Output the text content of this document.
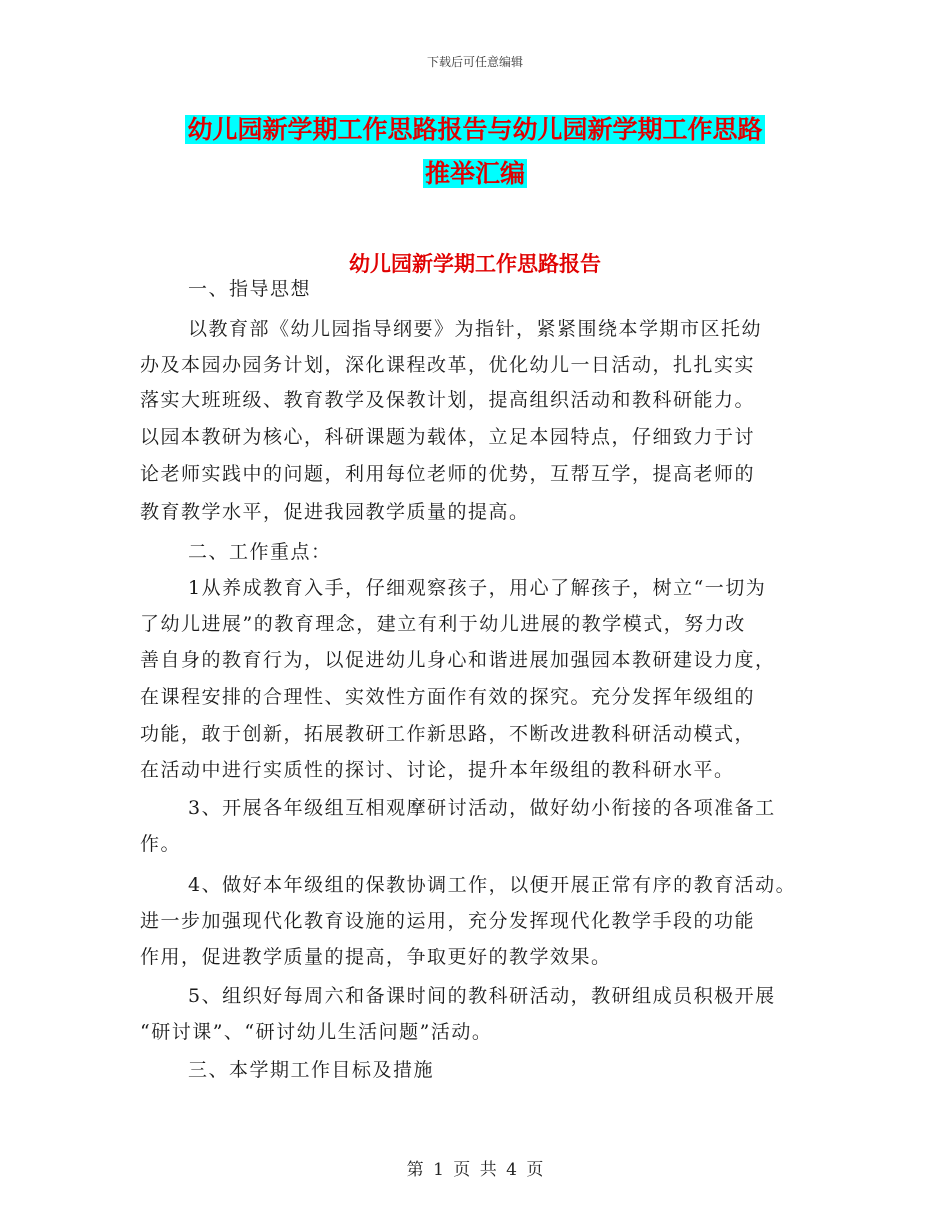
下载后可任意编辑
幼儿园新学期工作思路报告与幼儿园新学期工作思路
推举汇编
幼儿园新学期工作思路报告
一、指导思想
以教育部《幼儿园指导纲要》为指针，紧紧围绕本学期市区托幼
办及本园办园务计划，深化课程改革，优化幼儿一日活动，扎扎实实
落实大班班级、教育教学及保教计划，提高组织活动和教科研能力。
以园本教研为核心，科研课题为载体，立足本园特点，仔细致力于讨
论老师实践中的问题，利用每位老师的优势，互帮互学，提高老师的
教育教学水平，促进我园教学质量的提高。
二、工作重点：
1从养成教育入手，仔细观察孩子，用心了解孩子，树立“一切为
了幼儿进展”的教育理念，建立有利于幼儿进展的教学模式，努力改
善自身的教育行为，以促进幼儿身心和谐进展加强园本教研建设力度，
在课程安排的合理性、实效性方面作有效的探究。充分发挥年级组的
功能，敢于创新，拓展教研工作新思路，不断改进教科研活动模式，
在活动中进行实质性的探讨、讨论，提升本年级组的教科研水平。
3、开展各年级组互相观摩研讨活动，做好幼小衔接的各项准备工
作。
4、做好本年级组的保教协调工作，以便开展正常有序的教育活动。
进一步加强现代化教育设施的运用，充分发挥现代化教学手段的功能
作用，促进教学质量的提高，争取更好的教学效果。
5、组织好每周六和备课时间的教科研活动，教研组成员积极开展
“研讨课”、“研讨幼儿生活问题”活动。
三、本学期工作目标及措施
第 1 页 共 4 页
